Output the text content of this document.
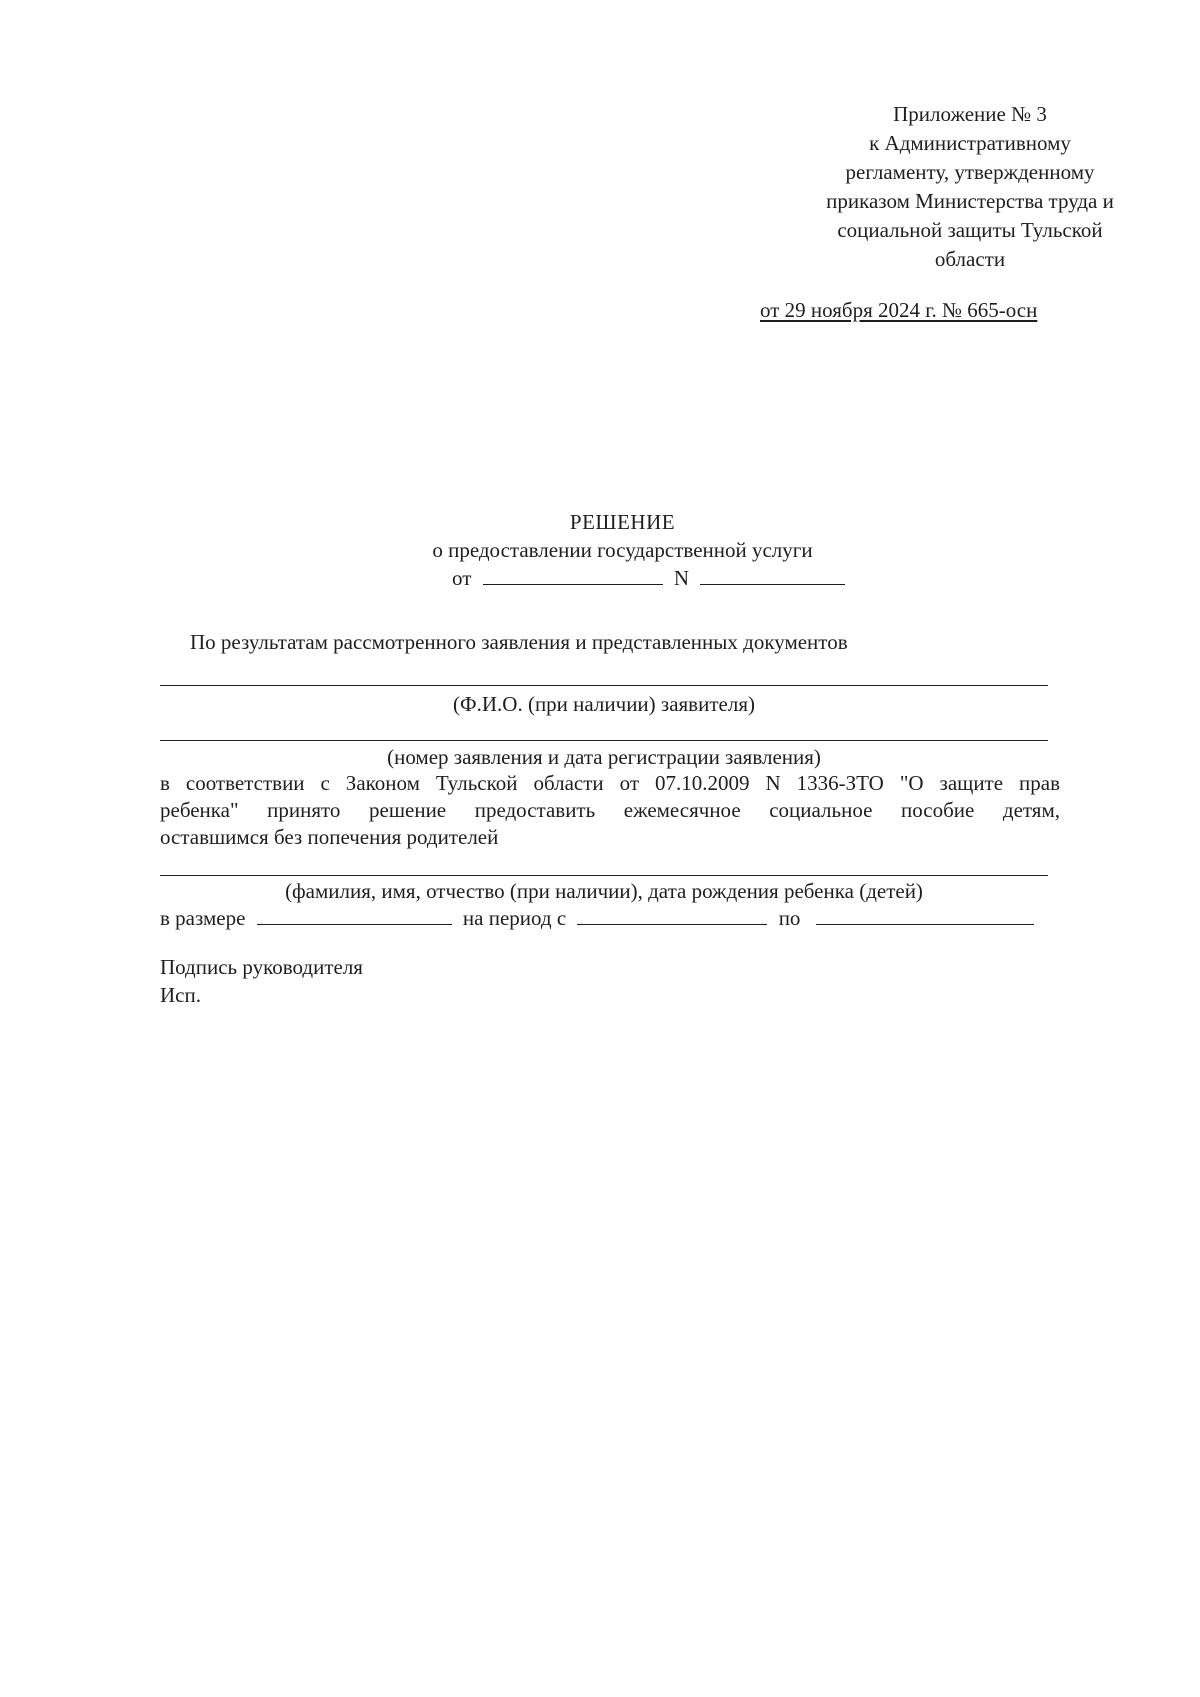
Приложение № 3
к Административному
регламенту, утвержденному
приказом Министерства труда и
социальной защиты Тульской
области
от 29 ноября 2024 г. № 665-осн
РЕШЕНИЕ
о предоставлении государственной услуги
от	N
По результатам рассмотренного заявления и представленных документов
(Ф.И.О. (при наличии) заявителя)
(номер заявления и дата регистрации заявления)
в соответствии с Законом Тульской области от 07.10.2009 N 1336-ЗТО "О защите прав
ребенка" принято решение предоставить ежемесячное социальное пособие детям,
оставшимся без попечения родителей
(фамилия, имя, отчество (при наличии), дата рождения ребенка (детей)
в размере	на период с	по
Подпись руководителя
Исп.
